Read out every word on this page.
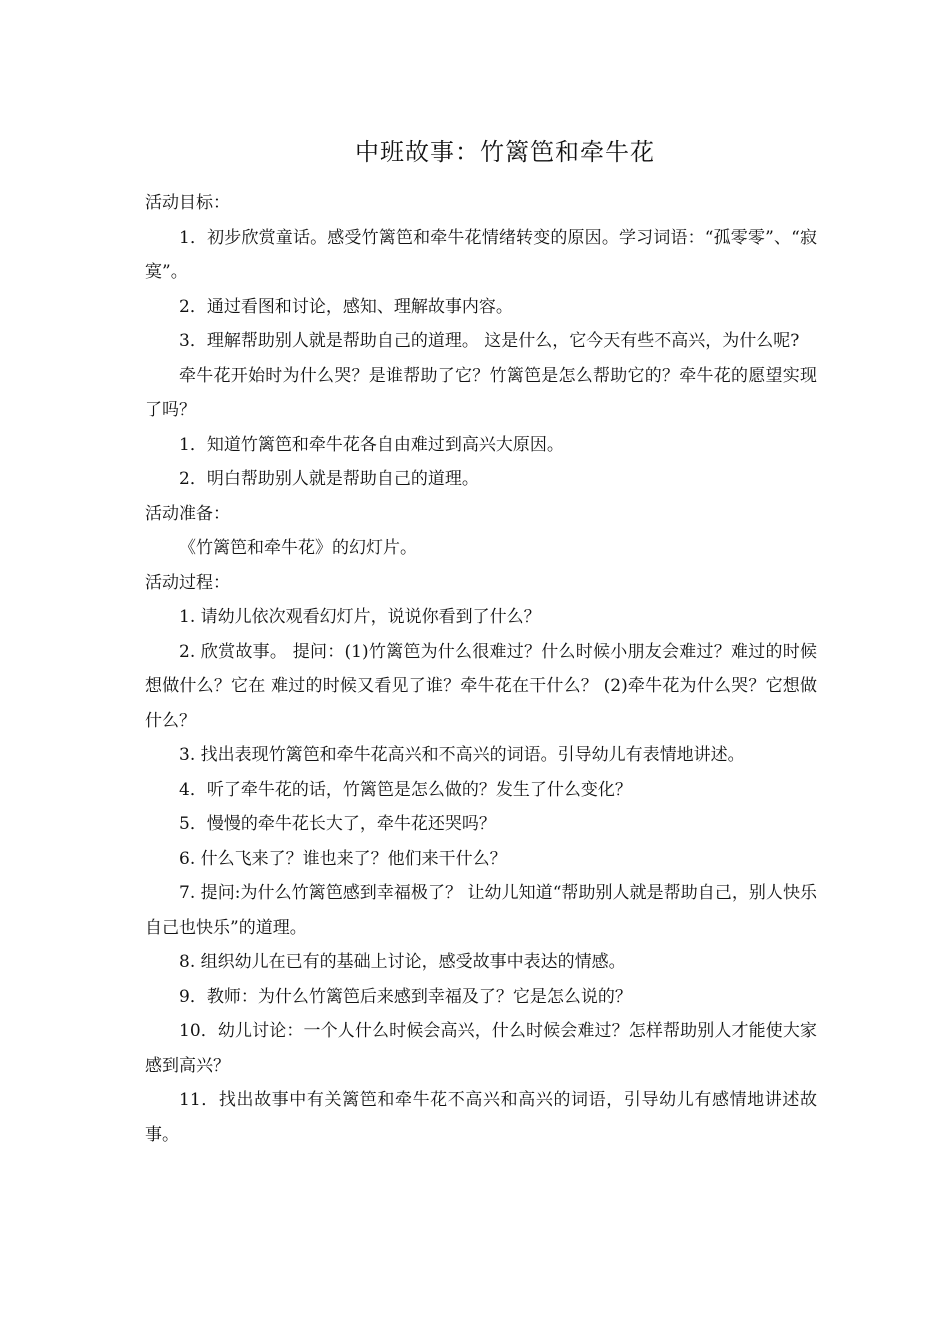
中班故事：竹篱笆和牵牛花

活动目标：

1．初步欣赏童话。感受竹篱笆和牵牛花情绪转变的原因。学习词语：“孤零零”、“寂寞”。

2．通过看图和讨论，感知、理解故事内容。

3．理解帮助别人就是帮助自己的道理。 这是什么，它今天有些不高兴，为什么呢?

牵牛花开始时为什么哭？是谁帮助了它？竹篱笆是怎么帮助它的？牵牛花的愿望实现了吗？

1．知道竹篱笆和牵牛花各自由难过到高兴大原因。

2．明白帮助别人就是帮助自己的道理。

活动准备：

《竹篱笆和牵牛花》的幻灯片。

活动过程：

1. 请幼儿依次观看幻灯片，说说你看到了什么？

2. 欣赏故事。 提问：(1)竹篱笆为什么很难过？什么时候小朋友会难过？难过的时候想做什么？它在 难过的时候又看见了谁？牵牛花在干什么？ (2)牵牛花为什么哭？它想做什么？

3. 找出表现竹篱笆和牵牛花高兴和不高兴的词语。引导幼儿有表情地讲述。

4．听了牵牛花的话，竹篱笆是怎么做的？发生了什么变化？

5．慢慢的牵牛花长大了，牵牛花还哭吗？

6. 什么飞来了？谁也来了？他们来干什么？

7. 提问:为什么竹篱笆感到幸福极了？ 让幼儿知道“帮助别人就是帮助自己，别人快乐自己也快乐”的道理。

8. 组织幼儿在已有的基础上讨论，感受故事中表达的情感。

9．教师：为什么竹篱笆后来感到幸福及了？它是怎么说的？

10．幼儿讨论：一个人什么时候会高兴，什么时候会难过？怎样帮助别人才能使大家感到高兴？

11．找出故事中有关篱笆和牵牛花不高兴和高兴的词语，引导幼儿有感情地讲述故事。
